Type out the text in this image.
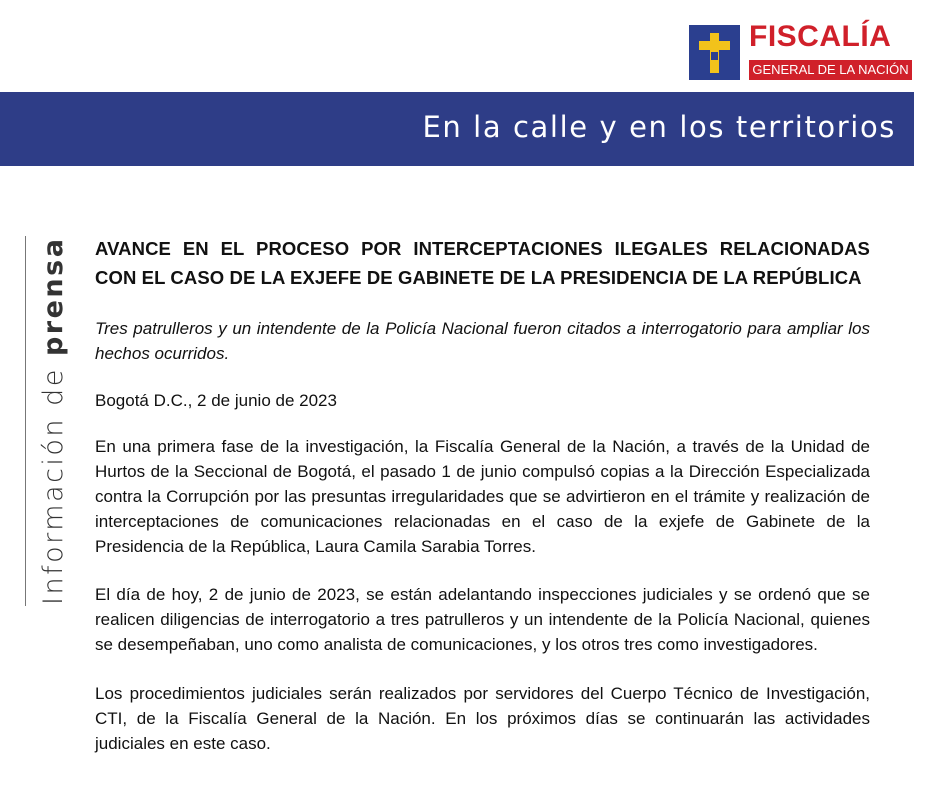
FISCALÍA
GENERAL DE LA NACIÓN
En la calle y en los territorios
Información de prensa AVANCE EN EL PROCESO POR INTERCEPTACIONES ILEGALES RELACIONADAS CON EL CASO DE LA EXJEFE DE GABINETE DE LA PRESIDENCIA DE LA REPÚBLICA

Tres patrulleros y un intendente de la Policía Nacional fueron citados a interrogatorio para ampliar los hechos ocurridos.

Bogotá D.C., 2 de junio de 2023

En una primera fase de la investigación, la Fiscalía General de la Nación, a través de la Unidad de Hurtos de la Seccional de Bogotá, el pasado 1 de junio compulsó copias a la Dirección Especializada contra la Corrupción por las presuntas irregularidades que se advirtieron en el trámite y realización de interceptaciones de comunicaciones relacionadas en el caso de la exjefe de Gabinete de la Presidencia de la República, Laura Camila Sarabia Torres.

El día de hoy, 2 de junio de 2023, se están adelantando inspecciones judiciales y se ordenó que se realicen diligencias de interrogatorio a tres patrulleros y un intendente de la Policía Nacional, quienes se desempeñaban, uno como analista de comunicaciones, y los otros tres como investigadores.

Los procedimientos judiciales serán realizados por servidores del Cuerpo Técnico de Investigación, CTI, de la Fiscalía General de la Nación. En los próximos días se continuarán las actividades judiciales en este caso.
